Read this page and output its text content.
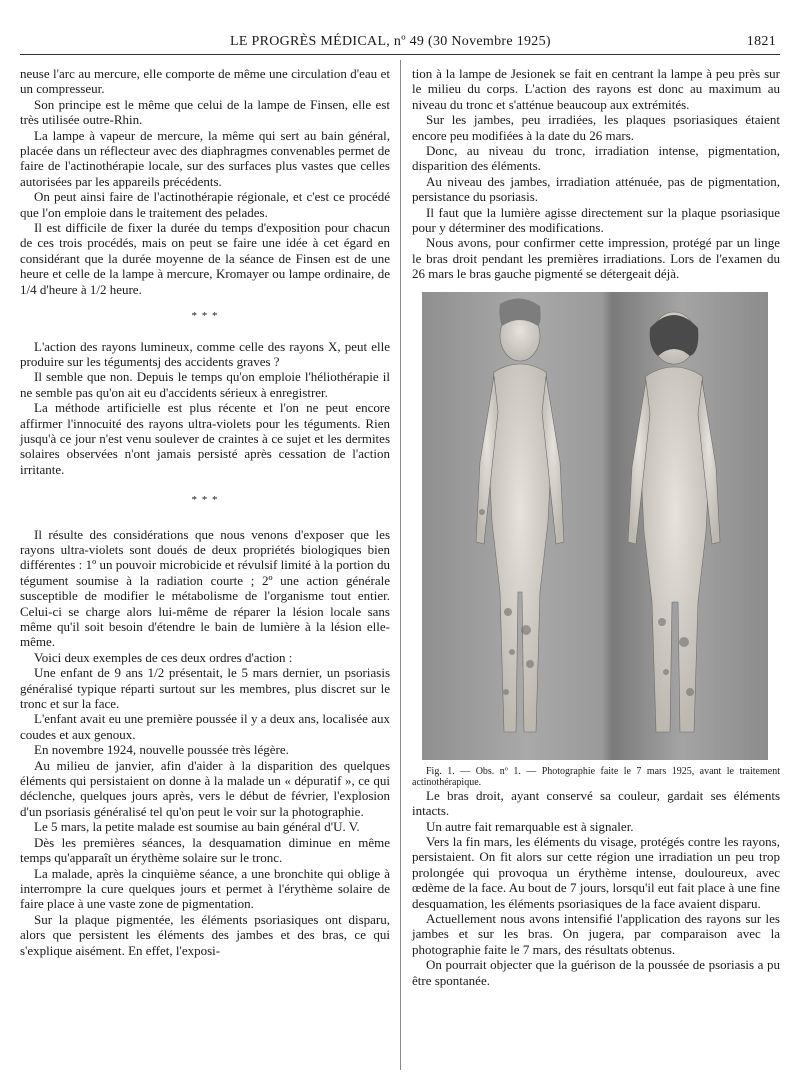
LE PROGRÈS MÉDICAL, nº 49 (30 Novembre 1925)	1821

neuse l'arc au mercure, elle comporte de même une circulation d'eau et un compresseur.

Son principe est le même que celui de la lampe de Finsen, elle est très utilisée outre-Rhin.

La lampe à vapeur de mercure, la même qui sert au bain général, placée dans un réflecteur avec des diaphragmes convenables permet de faire de l'actinothérapie locale, sur des surfaces plus vastes que celles autorisées par les appareils précédents.

On peut ainsi faire de l'actinothérapie régionale, et c'est ce procédé que l'on emploie dans le traitement des pelades.

Il est difficile de fixer la durée du temps d'exposition pour chacun de ces trois procédés, mais on peut se faire une idée à cet égard en considérant que la durée moyenne de la séance de Finsen est de une heure et celle de la lampe à mercure, Kromayer ou lampe ordinaire, de 1/4 d'heure à 1/2 heure.

* * *

L'action des rayons lumineux, comme celle des rayons X, peut elle produire sur les tégumentsj des accidents graves ?

Il semble que non. Depuis le temps qu'on emploie l'héliothérapie il ne semble pas qu'on ait eu d'accidents sérieux à enregistrer.

La méthode artificielle est plus récente et l'on ne peut encore affirmer l'innocuité des rayons ultra-violets pour les téguments. Rien jusqu'à ce jour n'est venu soulever de craintes à ce sujet et les dermites solaires observées n'ont jamais persisté après cessation de l'action irritante.

* * *

Il résulte des considérations que nous venons d'exposer que les rayons ultra-violets sont doués de deux propriétés biologiques bien différentes : 1º un pouvoir microbicide et révulsif limité à la portion du tégument soumise à la radiation courte ; 2º une action générale susceptible de modifier le métabolisme de l'organisme tout entier. Celui-ci se charge alors lui-même de réparer la lésion locale sans même qu'il soit besoin d'étendre le bain de lumière à la lésion elle-même.

Voici deux exemples de ces deux ordres d'action :

Une enfant de 9 ans 1/2 présentait, le 5 mars dernier, un psoriasis généralisé typique réparti surtout sur les membres, plus discret sur le tronc et sur la face.

L'enfant avait eu une première poussée il y a deux ans, localisée aux coudes et aux genoux.

En novembre 1924, nouvelle poussée très légère.

Au milieu de janvier, afin d'aider à la disparition des quelques éléments qui persistaient on donne à la malade un « dépuratif », ce qui déclenche, quelques jours après, vers le début de février, l'explosion d'un psoriasis généralisé tel qu'on peut le voir sur la photographie.

Le 5 mars, la petite malade est soumise au bain général d'U. V.

Dès les premières séances, la desquamation diminue en même temps qu'apparaît un érythème solaire sur le tronc.

La malade, après la cinquième séance, a une bronchite qui oblige à interrompre la cure quelques jours et permet à l'érythème solaire de faire place à une vaste zone de pigmentation.

Sur la plaque pigmentée, les éléments psoriasiques ont disparu, alors que persistent les éléments des jambes et des bras, ce qui s'explique aisément. En effet, l'exposi-

tion à la lampe de Jesionek se fait en centrant la lampe à peu près sur le milieu du corps. L'action des rayons est donc au maximum au niveau du tronc et s'atténue beaucoup aux extrémités.

Sur les jambes, peu irradiées, les plaques psoriasiques étaient encore peu modifiées à la date du 26 mars.

Donc, au niveau du tronc, irradiation intense, pigmentation, disparition des éléments.

Au niveau des jambes, irradiation atténuée, pas de pigmentation, persistance du psoriasis.

Il faut que la lumière agisse directement sur la plaque psoriasique pour y déterminer des modifications.

Nous avons, pour confirmer cette impression, protégé par un linge le bras droit pendant les premières irradiations. Lors de l'examen du 26 mars le bras gauche pigmenté se détergeait déjà.

Fig. 1. — Obs. nº 1. — Photographie faite le 7 mars 1925, avant le traitement actinothérapique.

Le bras droit, ayant conservé sa couleur, gardait ses éléments intacts.

Un autre fait remarquable est à signaler.

Vers la fin mars, les éléments du visage, protégés contre les rayons, persistaient. On fit alors sur cette région une irradiation un peu trop prolongée qui provoqua un érythème intense, douloureux, avec œdème de la face. Au bout de 7 jours, lorsqu'il eut fait place à une fine desquamation, les éléments psoriasiques de la face avaient disparu.

Actuellement nous avons intensifié l'application des rayons sur les jambes et sur les bras. On jugera, par comparaison avec la photographie faite le 7 mars, des résultats obtenus.

On pourrait objecter que la guérison de la poussée de psoriasis a pu être spontanée.
